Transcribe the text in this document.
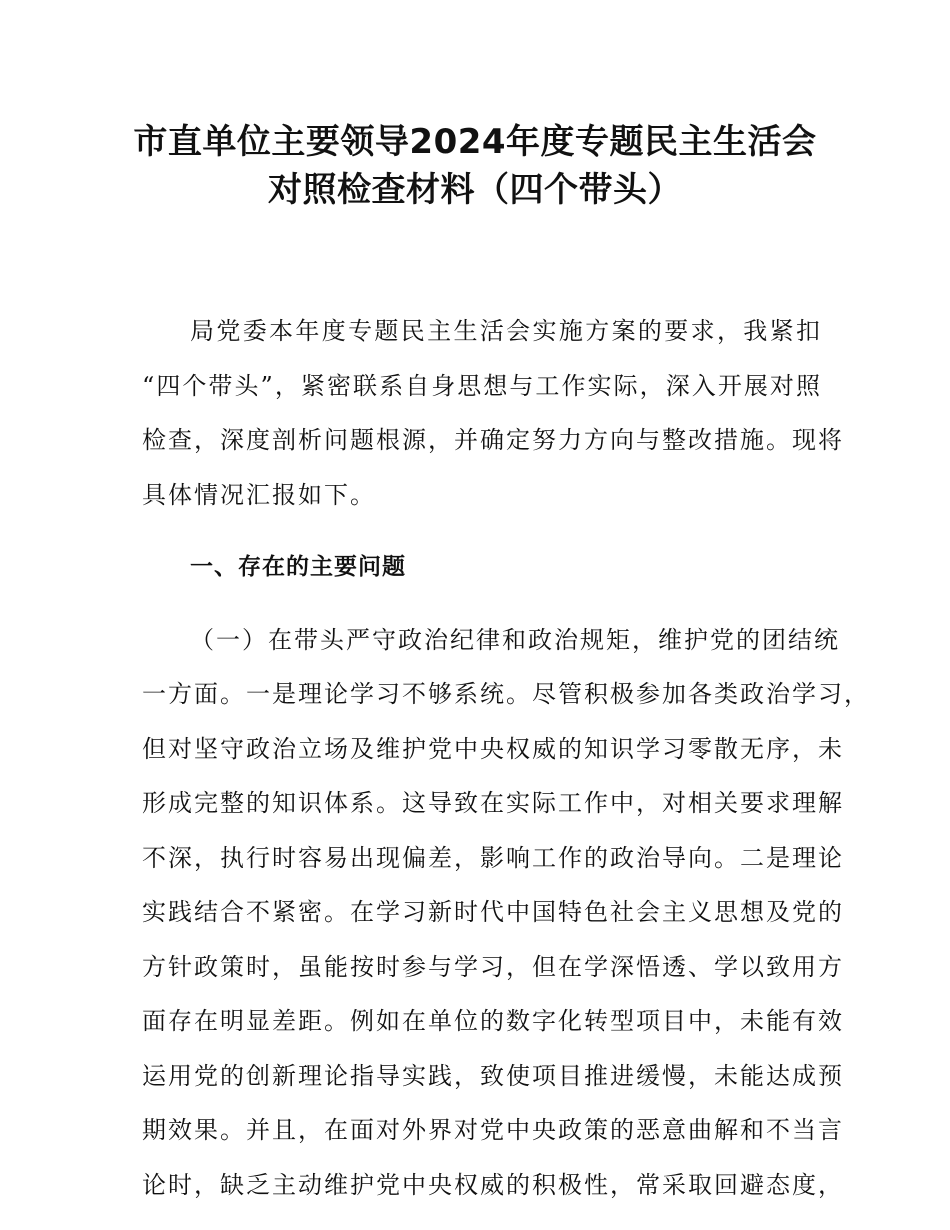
市直单位主要领导2024年度专题民主生活会
对照检查材料（四个带头）
局党委本年度专题民主生活会实施方案的要求，我紧扣
“四个带头”，紧密联系自身思想与工作实际，深入开展对照
检查，深度剖析问题根源，并确定努力方向与整改措施。现将
具体情况汇报如下。
一、存在的主要问题
（一）在带头严守政治纪律和政治规矩，维护党的团结统
一方面。一是理论学习不够系统。尽管积极参加各类政治学习，
但对坚守政治立场及维护党中央权威的知识学习零散无序，未
形成完整的知识体系。这导致在实际工作中，对相关要求理解
不深，执行时容易出现偏差，影响工作的政治导向。二是理论
实践结合不紧密。在学习新时代中国特色社会主义思想及党的
方针政策时，虽能按时参与学习，但在学深悟透、学以致用方
面存在明显差距。例如在单位的数字化转型项目中，未能有效
运用党的创新理论指导实践，致使项目推进缓慢，未能达成预
期效果。并且，在面对外界对党中央政策的恶意曲解和不当言
论时，缺乏主动维护党中央权威的积极性，常采取回避态度，
